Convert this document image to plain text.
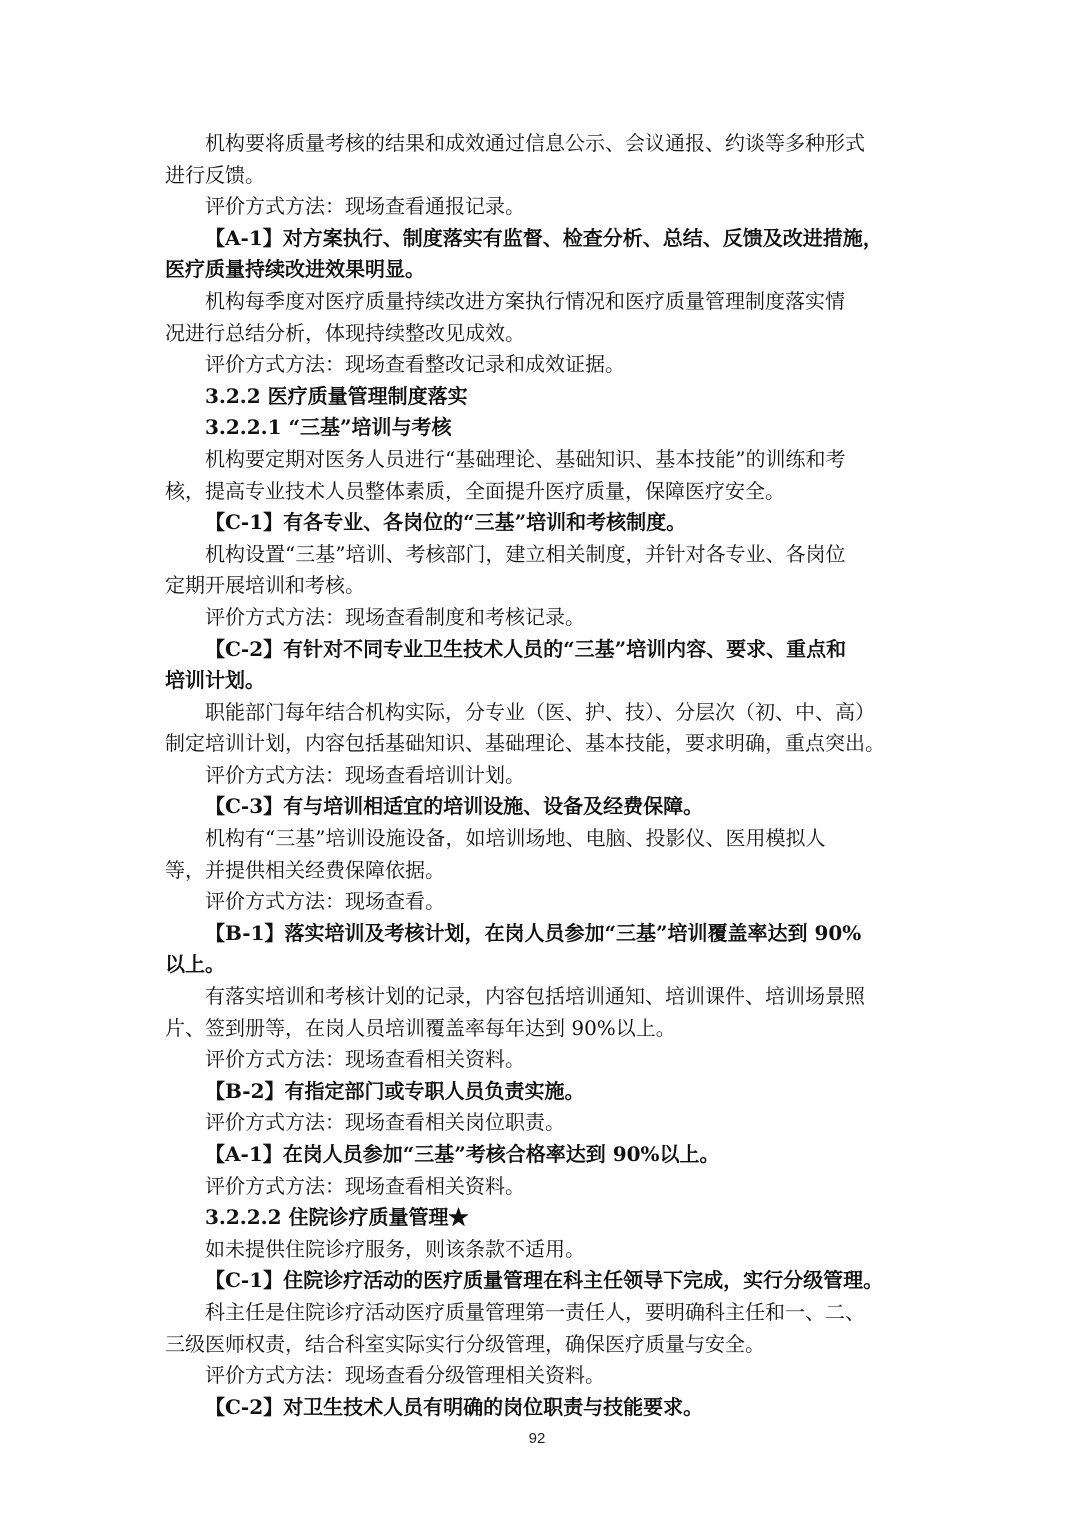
机构要将质量考核的结果和成效通过信息公示、会议通报、约谈等多种形式
进行反馈。
评价方式方法：现场查看通报记录。
【A-1】对方案执行、制度落实有监督、检查分析、总结、反馈及改进措施，
医疗质量持续改进效果明显。
机构每季度对医疗质量持续改进方案执行情况和医疗质量管理制度落实情
况进行总结分析，体现持续整改见成效。
评价方式方法：现场查看整改记录和成效证据。
3.2.2 医疗质量管理制度落实
3.2.2.1 “三基”培训与考核
机构要定期对医务人员进行“基础理论、基础知识、基本技能”的训练和考
核，提高专业技术人员整体素质，全面提升医疗质量，保障医疗安全。
【C-1】有各专业、各岗位的“三基”培训和考核制度。
机构设置“三基”培训、考核部门，建立相关制度，并针对各专业、各岗位
定期开展培训和考核。
评价方式方法：现场查看制度和考核记录。
【C-2】有针对不同专业卫生技术人员的“三基”培训内容、要求、重点和
培训计划。
职能部门每年结合机构实际，分专业（医、护、技）、分层次（初、中、高）
制定培训计划，内容包括基础知识、基础理论、基本技能，要求明确，重点突出。
评价方式方法：现场查看培训计划。
【C-3】有与培训相适宜的培训设施、设备及经费保障。
机构有“三基”培训设施设备，如培训场地、电脑、投影仪、医用模拟人
等，并提供相关经费保障依据。
评价方式方法：现场查看。
【B-1】落实培训及考核计划，在岗人员参加“三基”培训覆盖率达到 90%
以上。
有落实培训和考核计划的记录，内容包括培训通知、培训课件、培训场景照
片、签到册等，在岗人员培训覆盖率每年达到 90%以上。
评价方式方法：现场查看相关资料。
【B-2】有指定部门或专职人员负责实施。
评价方式方法：现场查看相关岗位职责。
【A-1】在岗人员参加“三基”考核合格率达到 90%以上。
评价方式方法：现场查看相关资料。
3.2.2.2 住院诊疗质量管理★
如未提供住院诊疗服务，则该条款不适用。
【C-1】住院诊疗活动的医疗质量管理在科主任领导下完成，实行分级管理。
科主任是住院诊疗活动医疗质量管理第一责任人，要明确科主任和一、二、
三级医师权责，结合科室实际实行分级管理，确保医疗质量与安全。
评价方式方法：现场查看分级管理相关资料。
【C-2】对卫生技术人员有明确的岗位职责与技能要求。
92
